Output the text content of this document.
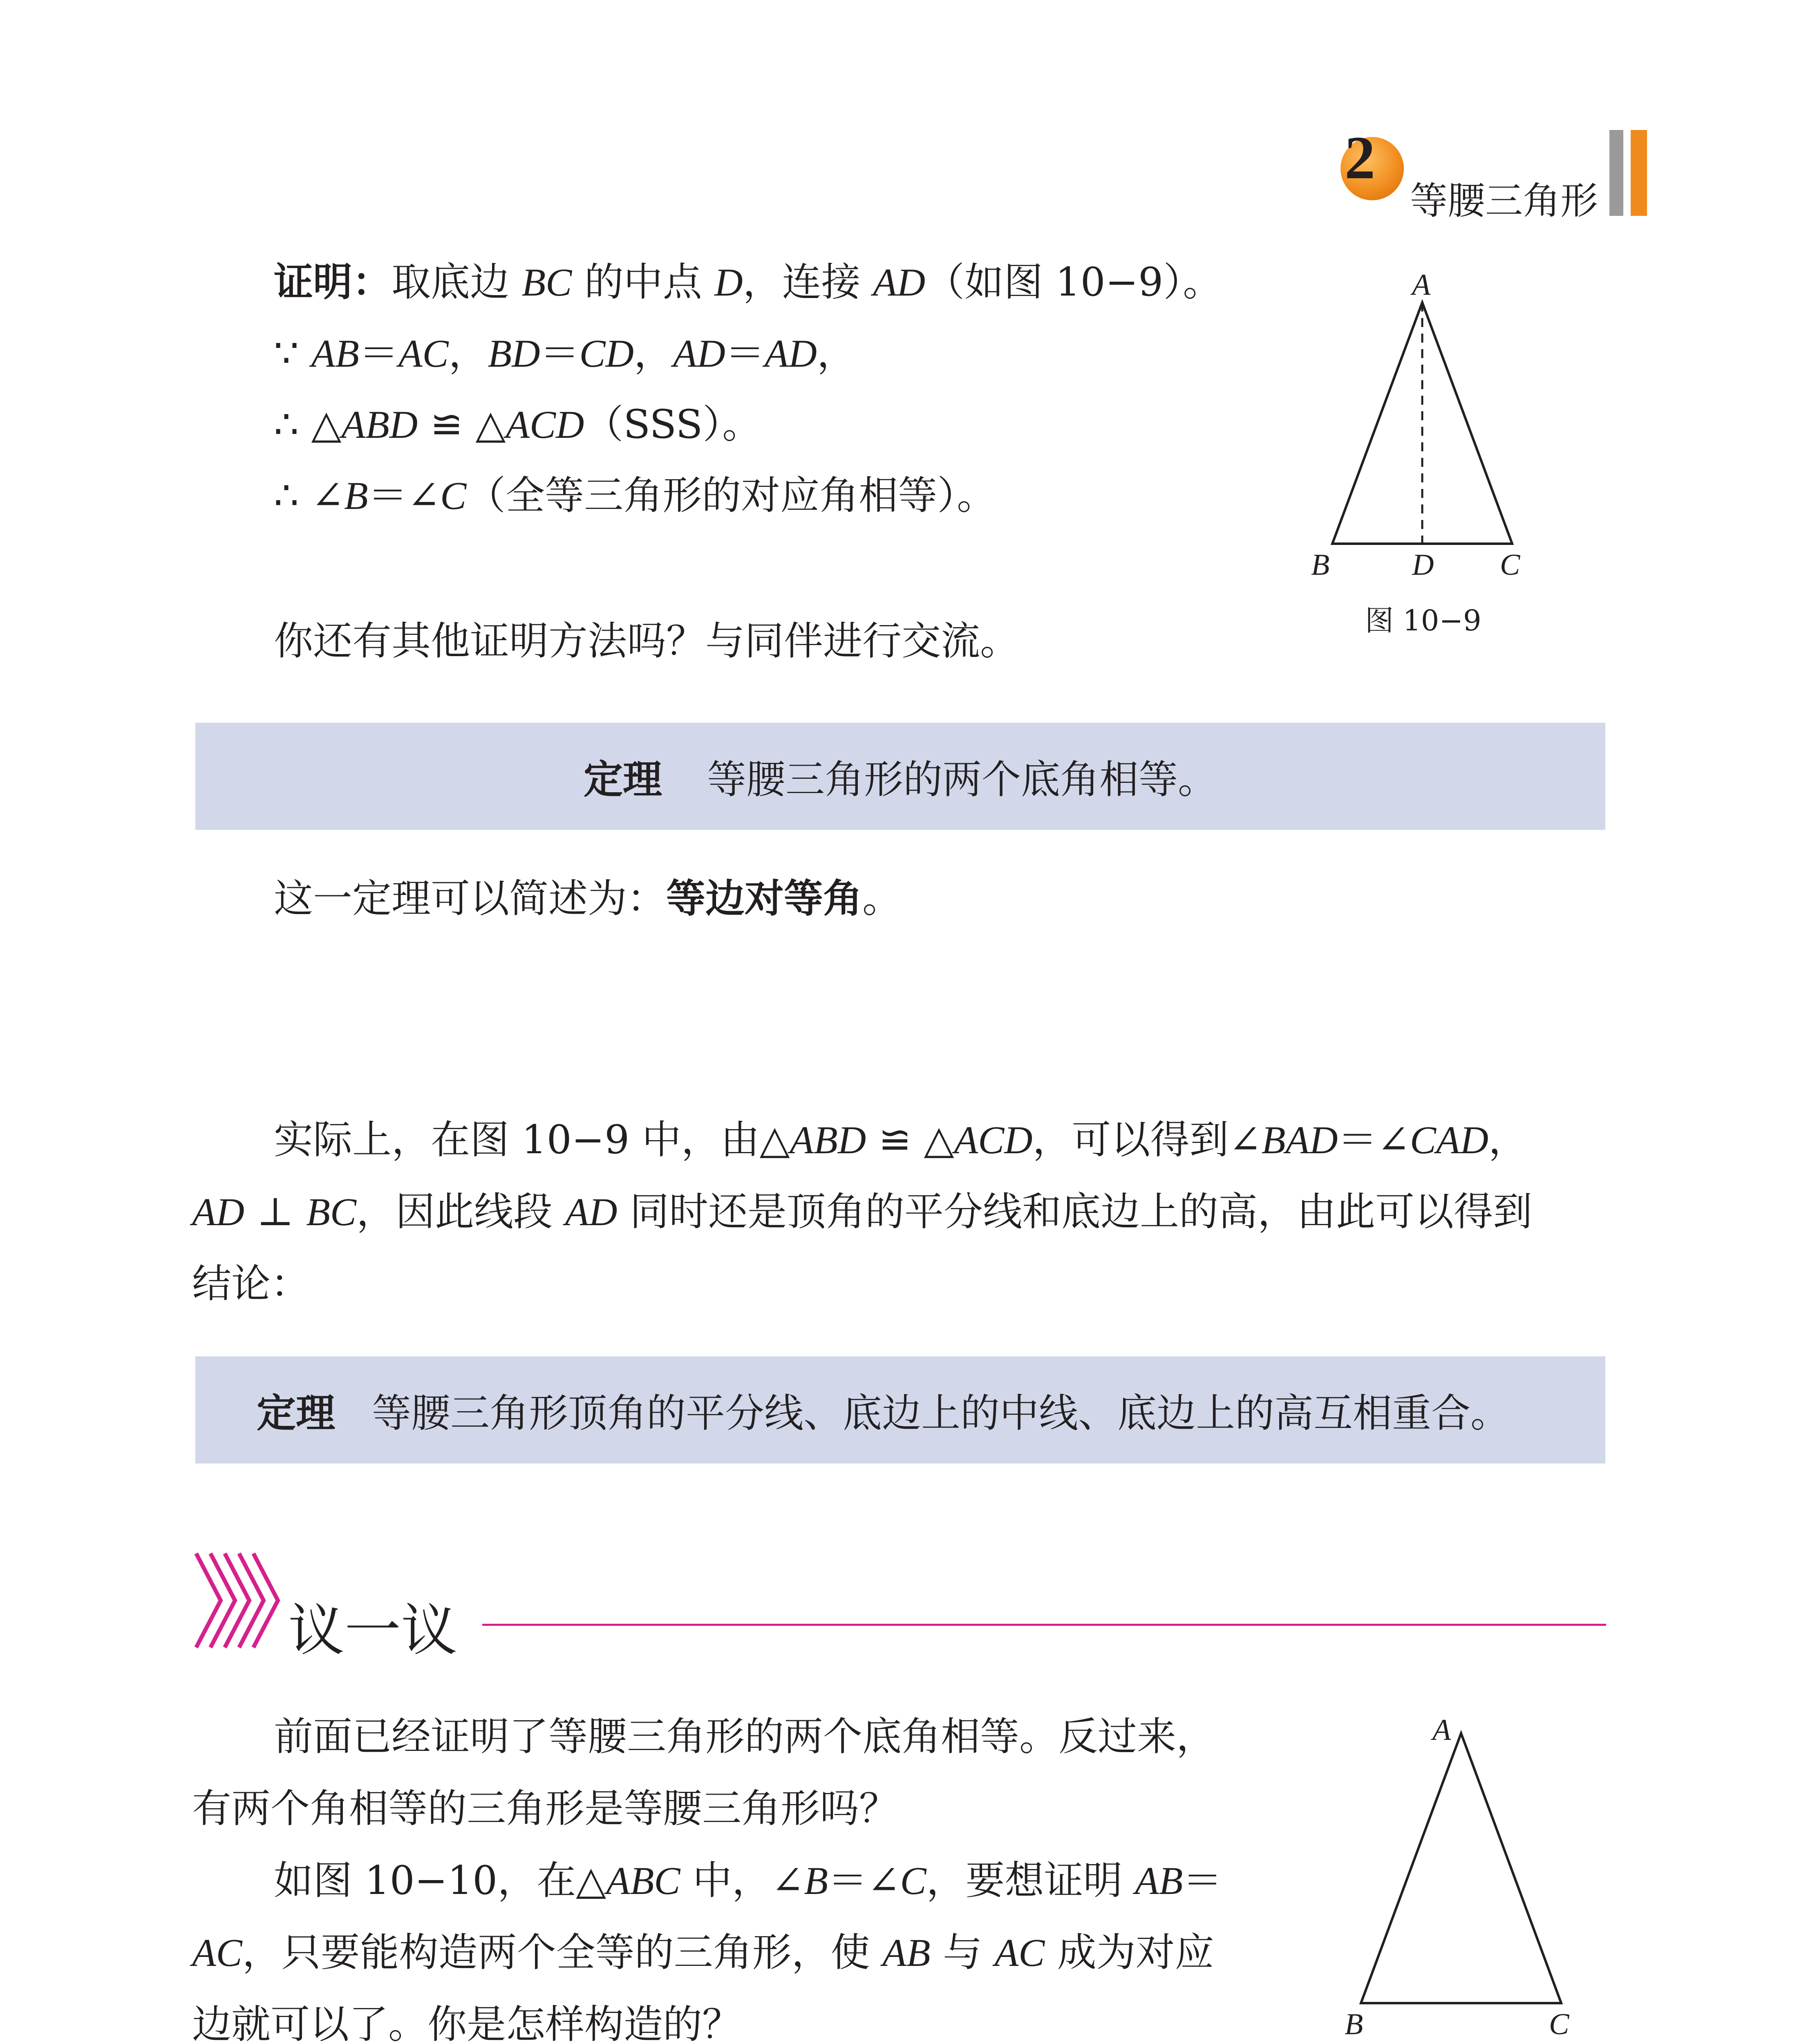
2
等腰三角形
证明：取底边 BC 的中点 D，连接 AD（如图 10−9）。
∵ AB＝AC，BD＝CD，AD＝AD，
∴ △ABD ≌ △ACD（SSS）。
∴ ∠B＝∠C（全等三角形的对应角相等）。
你还有其他证明方法吗？与同伴进行交流。
A
B	D C
图 10−9
定理 等腰三角形的两个底角相等。
这一定理可以简述为：等边对等角。
实际上，在图 10−9 中，由△ABD ≌ △ACD，可以得到∠BAD＝∠CAD，
AD ⊥ BC，因此线段 AD 同时还是顶角的平分线和底边上的高，由此可以得到
结论：
定理 等腰三角形顶角的平分线、底边上的中线、底边上的高互相重合。
议一议
前面已经证明了等腰三角形的两个底角相等。反过来，
有两个角相等的三角形是等腰三角形吗？
如图 10−10，在△ABC 中，∠B＝∠C，要想证明 AB＝
AC，只要能构造两个全等的三角形，使 AB 与 AC 成为对应
边就可以了。你是怎样构造的？
A
B	C
